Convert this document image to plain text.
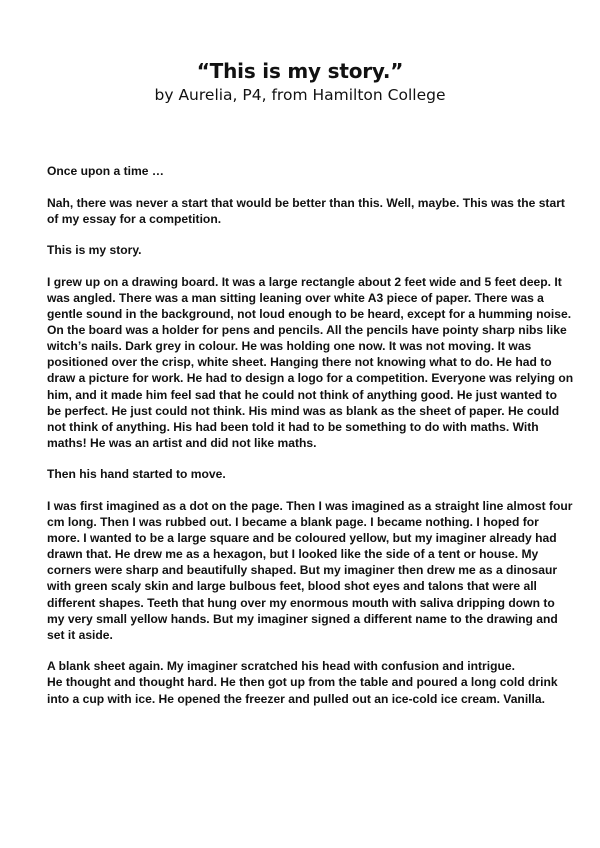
“This is my story.”
by Aurelia, P4, from Hamilton College
Once upon a time …
Nah, there was never a start that would be better than this. Well, maybe. This was the start
of my essay for a competition.
This is my story.
I grew up on a drawing board. It was a large rectangle about 2 feet wide and 5 feet deep. It
was angled. There was a man sitting leaning over white A3 piece of paper. There was a
gentle sound in the background, not loud enough to be heard, except for a humming noise.
On the board was a holder for pens and pencils. All the pencils have pointy sharp nibs like
witch’s nails. Dark grey in colour. He was holding one now. It was not moving. It was
positioned over the crisp, white sheet. Hanging there not knowing what to do. He had to
draw a picture for work. He had to design a logo for a competition. Everyone was relying on
him, and it made him feel sad that he could not think of anything good. He just wanted to
be perfect. He just could not think. His mind was as blank as the sheet of paper. He could
not think of anything. His had been told it had to be something to do with maths. With
maths! He was an artist and did not like maths.
Then his hand started to move.
I was first imagined as a dot on the page. Then I was imagined as a straight line almost four
cm long. Then I was rubbed out. I became a blank page. I became nothing. I hoped for
more. I wanted to be a large square and be coloured yellow, but my imaginer already had
drawn that. He drew me as a hexagon, but I looked like the side of a tent or house. My
corners were sharp and beautifully shaped. But my imaginer then drew me as a dinosaur
with green scaly skin and large bulbous feet, blood shot eyes and talons that were all
different shapes. Teeth that hung over my enormous mouth with saliva dripping down to
my very small yellow hands. But my imaginer signed a different name to the drawing and
set it aside.
A blank sheet again. My imaginer scratched his head with confusion and intrigue.
He thought and thought hard. He then got up from the table and poured a long cold drink
into a cup with ice. He opened the freezer and pulled out an ice-cold ice cream. Vanilla.
